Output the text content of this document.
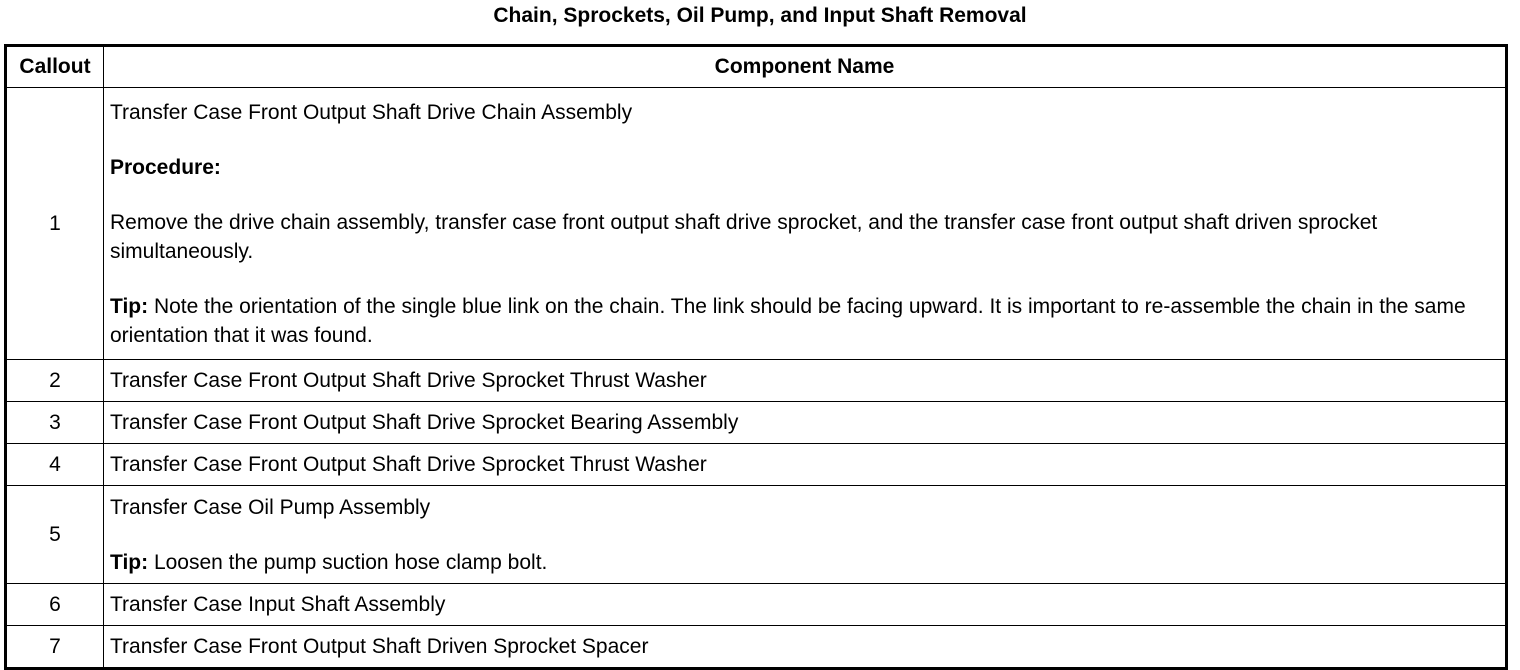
Chain, Sprockets, Oil Pump, and Input Shaft Removal
Callout	Component Name
1	Transfer Case Front Output Shaft Drive Chain Assembly

Procedure:

Remove the drive chain assembly, transfer case front output shaft drive sprocket, and the transfer case front output shaft driven sprocket simultaneously.

Tip: Note the orientation of the single blue link on the chain. The link should be facing upward. It is important to re-assemble the chain in the same orientation that it was found.

2	Transfer Case Front Output Shaft Drive Sprocket Thrust Washer
3	Transfer Case Front Output Shaft Drive Sprocket Bearing Assembly
4	Transfer Case Front Output Shaft Drive Sprocket Thrust Washer
5	Transfer Case Oil Pump Assembly

Tip: Loosen the pump suction hose clamp bolt.

6	Transfer Case Input Shaft Assembly
7	Transfer Case Front Output Shaft Driven Sprocket Spacer
